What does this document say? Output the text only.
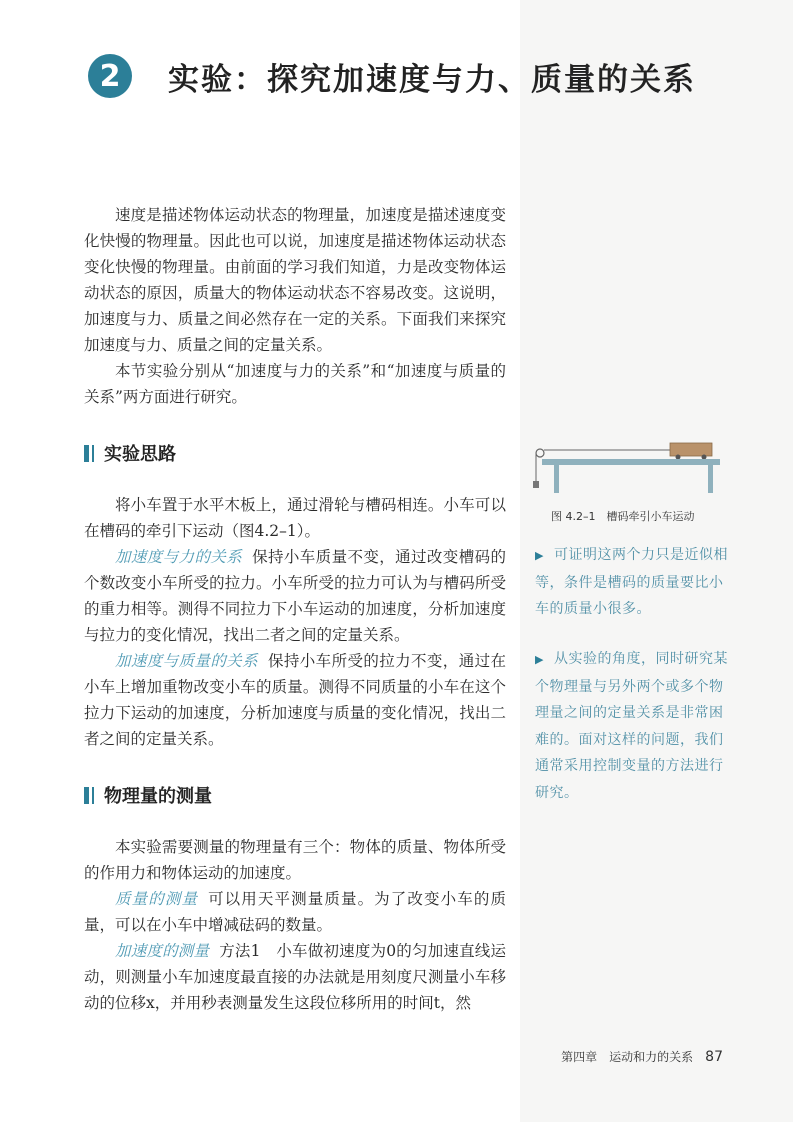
2	实验：探究加速度与力、质量的关系

速度是描述物体运动状态的物理量，加速度是描述速度变化快慢的物理量。因此也可以说，加速度是描述物体运动状态变化快慢的物理量。由前面的学习我们知道，力是改变物体运动状态的原因，质量大的物体运动状态不容易改变。这说明，加速度与力、质量之间必然存在一定的关系。下面我们来探究加速度与力、质量之间的定量关系。

本节实验分别从“加速度与力的关系”和“加速度与质量的关系”两方面进行研究。

实验思路

将小车置于水平木板上，通过滑轮与槽码相连。小车可以在槽码的牵引下运动（图4.2–1）。

加速度与力的关系 保持小车质量不变，通过改变槽码的个数改变小车所受的拉力。小车所受的拉力可认为与槽码所受的重力相等。测得不同拉力下小车运动的加速度，分析加速度与拉力的变化情况，找出二者之间的定量关系。

加速度与质量的关系 保持小车所受的拉力不变，通过在小车上增加重物改变小车的质量。测得不同质量的小车在这个拉力下运动的加速度，分析加速度与质量的变化情况，找出二者之间的定量关系。

物理量的测量

本实验需要测量的物理量有三个：物体的质量、物体所受的作用力和物体运动的加速度。

质量的测量 可以用天平测量质量。为了改变小车的质量，可以在小车中增减砝码的数量。

加速度的测量 方法1　小车做初速度为0的匀加速直线运动，则测量小车加速度最直接的办法就是用刻度尺测量小车移动的位移x，并用秒表测量发生这段位移所用的时间t，然

图 4.2–1　槽码牵引小车运动
▶ 可证明这两个力只是近似相等，条件是槽码的质量要比小车的质量小很多。
▶ 从实验的角度，同时研究某个物理量与另外两个或多个物理量之间的定量关系是非常困难的。面对这样的问题，我们通常采用控制变量的方法进行研究。
第四章　运动和力的关系 87
